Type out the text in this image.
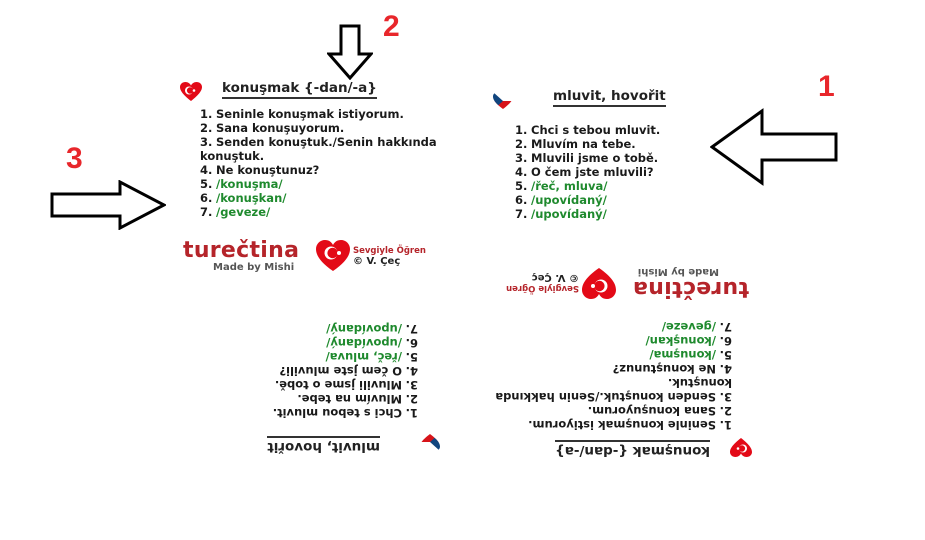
2
1
3
konuşmak {-dan/-a}
1. Seninle konuşmak istiyorum.
2. Sana konuşuyorum.
3. Senden konuştuk./Senin hakkında konuştuk.
4. Ne konuştunuz?
5. /konuşma/
6. /konuşkan/
7. /geveze/
turečtina
Made by Mishi
Sevgiyle Öğren
© V. Çeç
mluvit, hovořit
1. Chci s tebou mluvit.
2. Mluvím na tebe.
3. Mluvili jsme o tobě.
4. O čem jste mluvili?
5. /řeč, mluva/
6. /upovídaný/
7. /upovídaný/
mluvit, hovořit
1.Chci s tebou mluvit.
2.Mluvím na tebe.
3.Mluvili jsme o tobě.
4.O čem jste mluvili?
5./řeč, mluva/
6./upovídaný/
7./upovídaný/
konuşmak {-dan/-a}
1.Seninle konuşmak istiyorum.
2.Sana konuşuyorum.
3.Senden konuştuk./Senin hakkında konuştuk.
4.Ne konuştunuz?
5./konuşma/
6./konuşkan/
7./geveze/
turečtina
Made by Mishi
Sevgiyle Öğren
© V. Çeç
